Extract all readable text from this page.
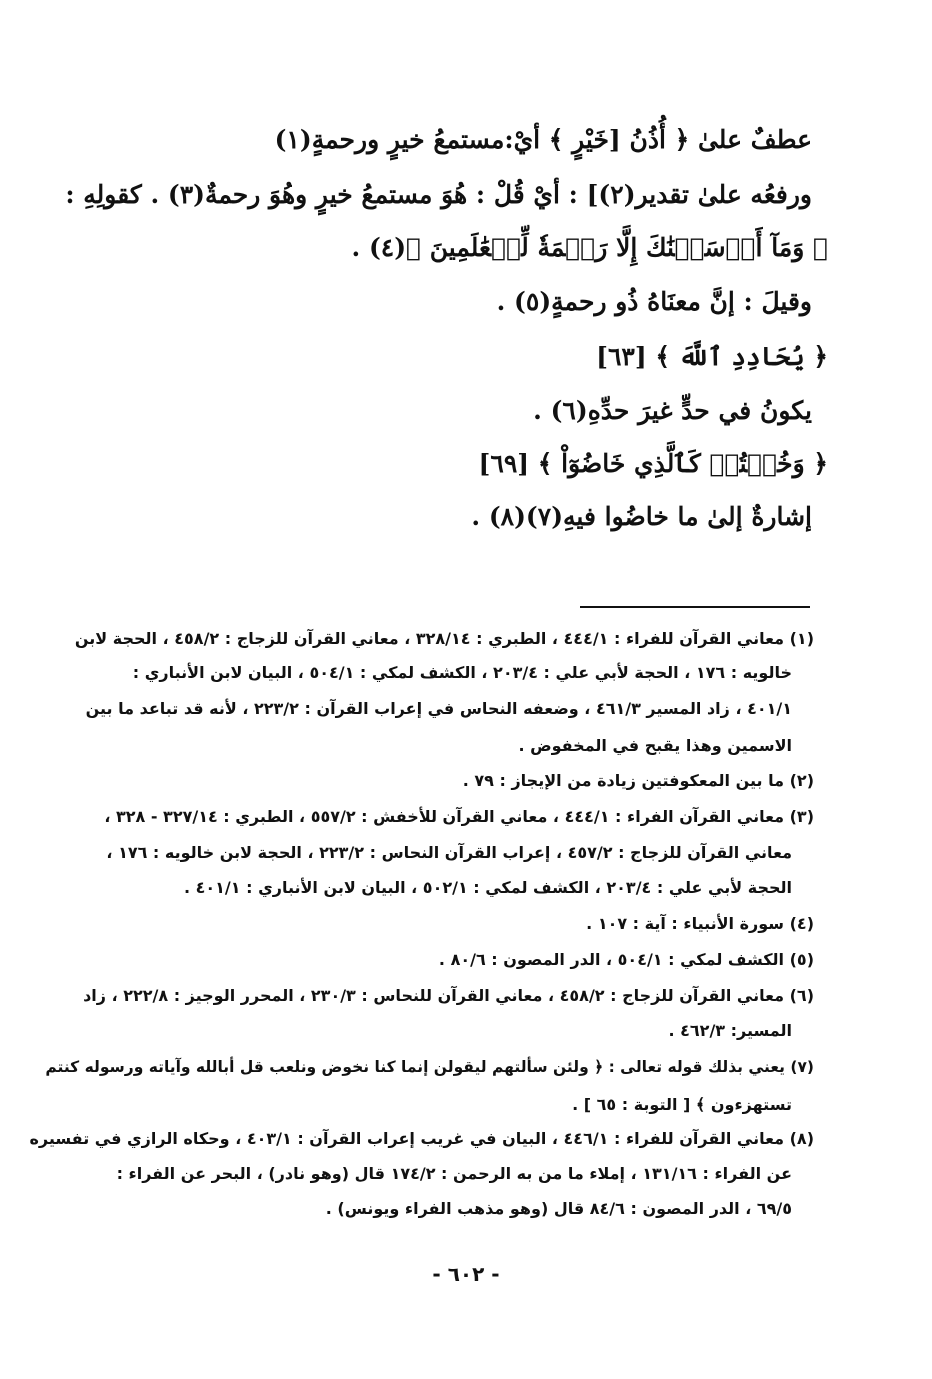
عطفٌ علىٰ ﴿ أُذُنُ [خَيْرٍ ﴾ أيْ:مستمعُ خيرٍ ورحمةٍ(١)
ورفعُه علىٰ تقدير(٢)] : أيْ قُلْ : هُوَ مستمعُ خيرٍ وهُوَ رحمةٌ(٣) . كقولِهِ :
﴿ وَمَآ أَرۡسَلۡنَٰكَ إِلَّا رَحۡمَةٗ لِّلۡعَٰلَمِينَ ﴾(٤) .
وقيلَ : إنَّ معنَاهُ ذُو رحمةٍ(٥) .
﴿ يُحَادِدِ ٱللَّهَ ﴾ [٦٣]
يكونُ في حدٍّ غيرَ حدِّهِ(٦) .
﴿ وَخُضۡتُمۡ كَٱلَّذِي خَاضُوٓاْ ﴾ [٦٩]
إشارةٌ إلىٰ ما خاضُوا فيهِ(٧)(٨) .
(١) معاني القرآن للفراء : ٤٤٤/١ ، الطبري : ٣٢٨/١٤ ، معاني القرآن للزجاج : ٤٥٨/٢ ، الحجة لابن
خالويه : ١٧٦ ، الحجة لأبي علي : ٢٠٣/٤ ، الكشف لمكي : ٥٠٤/١ ، البيان لابن الأنباري :
٤٠١/١ ، زاد المسير ٤٦١/٣ ، وضعفه النحاس في إعراب القرآن : ٢٢٣/٢ ، لأنه قد تباعد ما بين
الاسمين وهذا يقبح في المخفوض .
(٢) ما بين المعكوفتين زيادة من الإيجاز : ٧٩ .
(٣) معاني القرآن الفراء : ٤٤٤/١ ، معاني القرآن للأخفش : ٥٥٧/٢ ، الطبري : ٣٢٧/١٤ - ٣٢٨ ،
معاني القرآن للزجاج : ٤٥٧/٢ ، إعراب القرآن النحاس : ٢٢٣/٢ ، الحجة لابن خالويه : ١٧٦ ،
الحجة لأبي علي : ٢٠٣/٤ ، الكشف لمكي : ٥٠٢/١ ، البيان لابن الأنباري : ٤٠١/١ .
(٤) سورة الأنبياء : آية : ١٠٧ .
(٥) الكشف لمكي : ٥٠٤/١ ، الدر المصون : ٨٠/٦ .
(٦) معاني القرآن للزجاج : ٤٥٨/٢ ، معاني القرآن للنحاس : ٢٣٠/٣ ، المحرر الوجيز : ٢٢٢/٨ ، زاد
المسير: ٤٦٢/٣ .
(٧) يعني بذلك قوله تعالى : ﴿ ولئن سألتهم ليقولن إنما كنا نخوض ونلعب قل أبالله وآياته ورسوله كنتم
تستهزءون ﴾ [ التوبة : ٦٥ ] .
(٨) معاني القرآن للفراء : ٤٤٦/١ ، البيان في غريب إعراب القرآن : ٤٠٣/١ ، وحكاه الرازي في تفسيره
عن الفراء : ١٣١/١٦ ، إملاء ما من به الرحمن : ١٧٤/٢ قال (وهو نادر) ، البحر عن الفراء :
٦٩/٥ ، الدر المصون : ٨٤/٦ قال (وهو مذهب الفراء ويونس) .
- ٦٠٢ -
